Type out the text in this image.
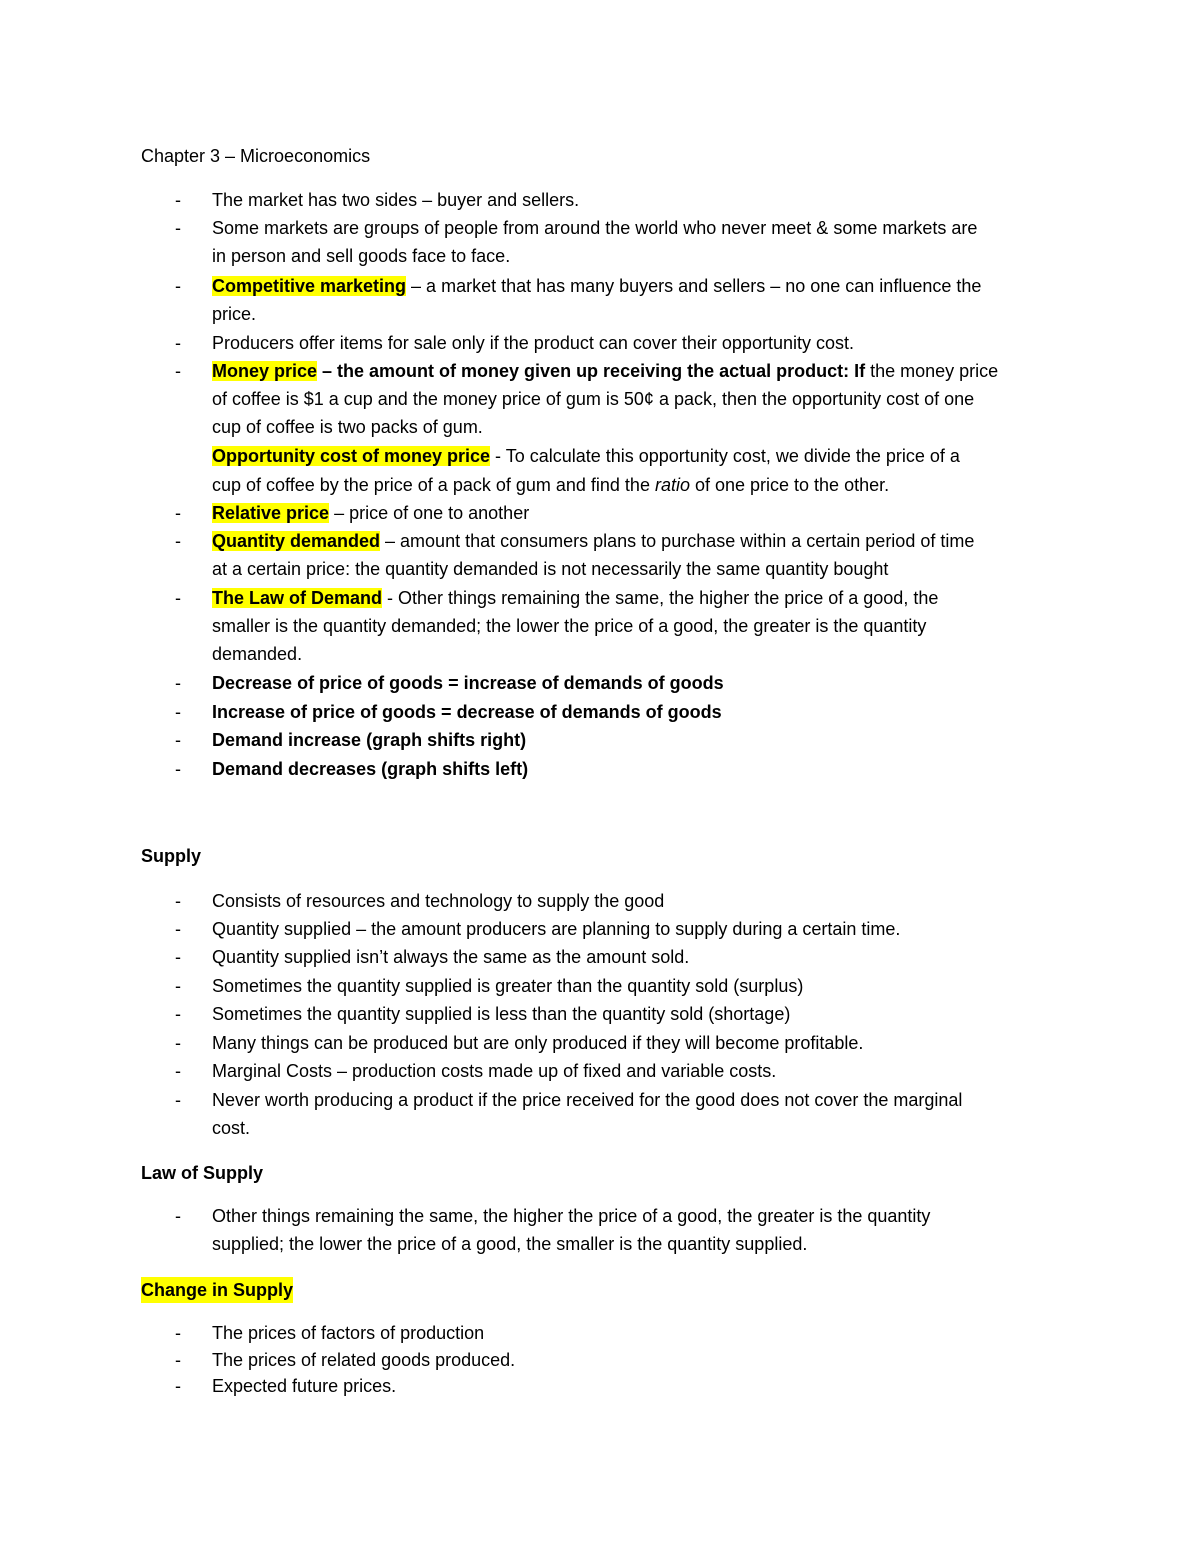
Chapter 3 – Microeconomics
- The market has two sides – buyer and sellers.
- Some markets are groups of people from around the world who never meet & some markets are
in person and sell goods face to face.
- Competitive marketing – a market that has many buyers and sellers – no one can influence the
price.
- Producers offer items for sale only if the product can cover their opportunity cost.
- Money price – the amount of money given up receiving the actual product: If the money price
of coffee is $1 a cup and the money price of gum is 50¢ a pack, then the opportunity cost of one
cup of coffee is two packs of gum.
Opportunity cost of money price - To calculate this opportunity cost, we divide the price of a
cup of coffee by the price of a pack of gum and find the ratio of one price to the other.
- Relative price – price of one to another
- Quantity demanded – amount that consumers plans to purchase within a certain period of time
at a certain price: the quantity demanded is not necessarily the same quantity bought
- The Law of Demand - Other things remaining the same, the higher the price of a good, the
smaller is the quantity demanded; the lower the price of a good, the greater is the quantity
demanded.
- Decrease of price of goods = increase of demands of goods
- Increase of price of goods = decrease of demands of goods
- Demand increase (graph shifts right)
- Demand decreases (graph shifts left)
Supply
- Consists of resources and technology to supply the good
- Quantity supplied – the amount producers are planning to supply during a certain time.
- Quantity supplied isn’t always the same as the amount sold.
- Sometimes the quantity supplied is greater than the quantity sold (surplus)
- Sometimes the quantity supplied is less than the quantity sold (shortage)
- Many things can be produced but are only produced if they will become profitable.
- Marginal Costs – production costs made up of fixed and variable costs.
- Never worth producing a product if the price received for the good does not cover the marginal
cost.
Law of Supply
- Other things remaining the same, the higher the price of a good, the greater is the quantity
supplied; the lower the price of a good, the smaller is the quantity supplied.
Change in Supply
- The prices of factors of production
- The prices of related goods produced.
- Expected future prices.
